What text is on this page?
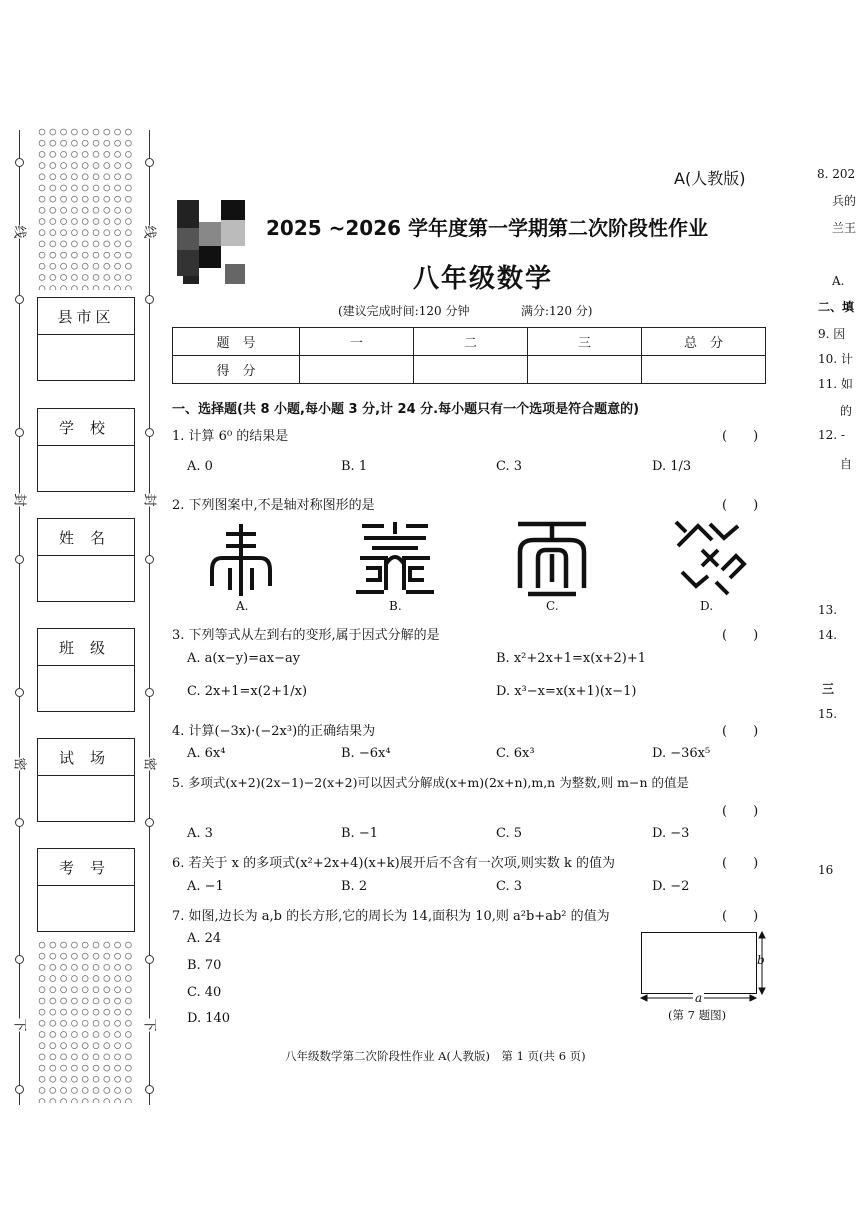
线
封
密
下
线
封
密
下
县市区
学校
姓名
班级
试场
考号
A(人教版)
2025 ~2026 学年度第一学期第二次阶段性作业
八年级数学
(建议完成时间:120 分钟	满分:120 分)
题　号	一	二	三	总　分
得　分				
一、选择题(共 8 小题,每小题 3 分,计 24 分.每小题只有一个选项是符合题意的)
1. 计算 6⁰ 的结果是	(　　)
A. 0	B. 1	C. 3	D. 1/3
2. 下列图案中,不是轴对称图形的是	(　　)
A.	B.	C.	D.
3. 下列等式从左到右的变形,属于因式分解的是	(　　)
A. a(x−y)=ax−ay	B. x²+2x+1=x(x+2)+1
C. 2x+1=x(2+1/x)	D. x³−x=x(x+1)(x−1)
4. 计算(−3x)·(−2x³)的正确结果为	(　　)
A. 6x⁴	B. −6x⁴	C. 6x³	D. −36x⁵
5. 多项式(x+2)(2x−1)−2(x+2)可以因式分解成(x+m)(2x+n),m,n 为整数,则 m−n 的值是
(　　)
A. 3	B. −1	C. 5	D. −3
6. 若关于 x 的多项式(x²+2x+4)(x+k)展开后不含有一次项,则实数 k 的值为	(　　)
A. −1	B. 2	C. 3	D. −2
7. 如图,边长为 a,b 的长方形,它的周长为 14,面积为 10,则 a²b+ab² 的值为	(　　)
A. 24
B. 70
C. 40
D. 140
b
a
(第 7 题图)
八年级数学第二次阶段性作业 A(人教版)　第 1 页(共 6 页)
8. 202
兵的
兰王
A.
二、填
9. 因
10. 计
11. 如
的
12. -
自
13.
14.
三
15.
16
